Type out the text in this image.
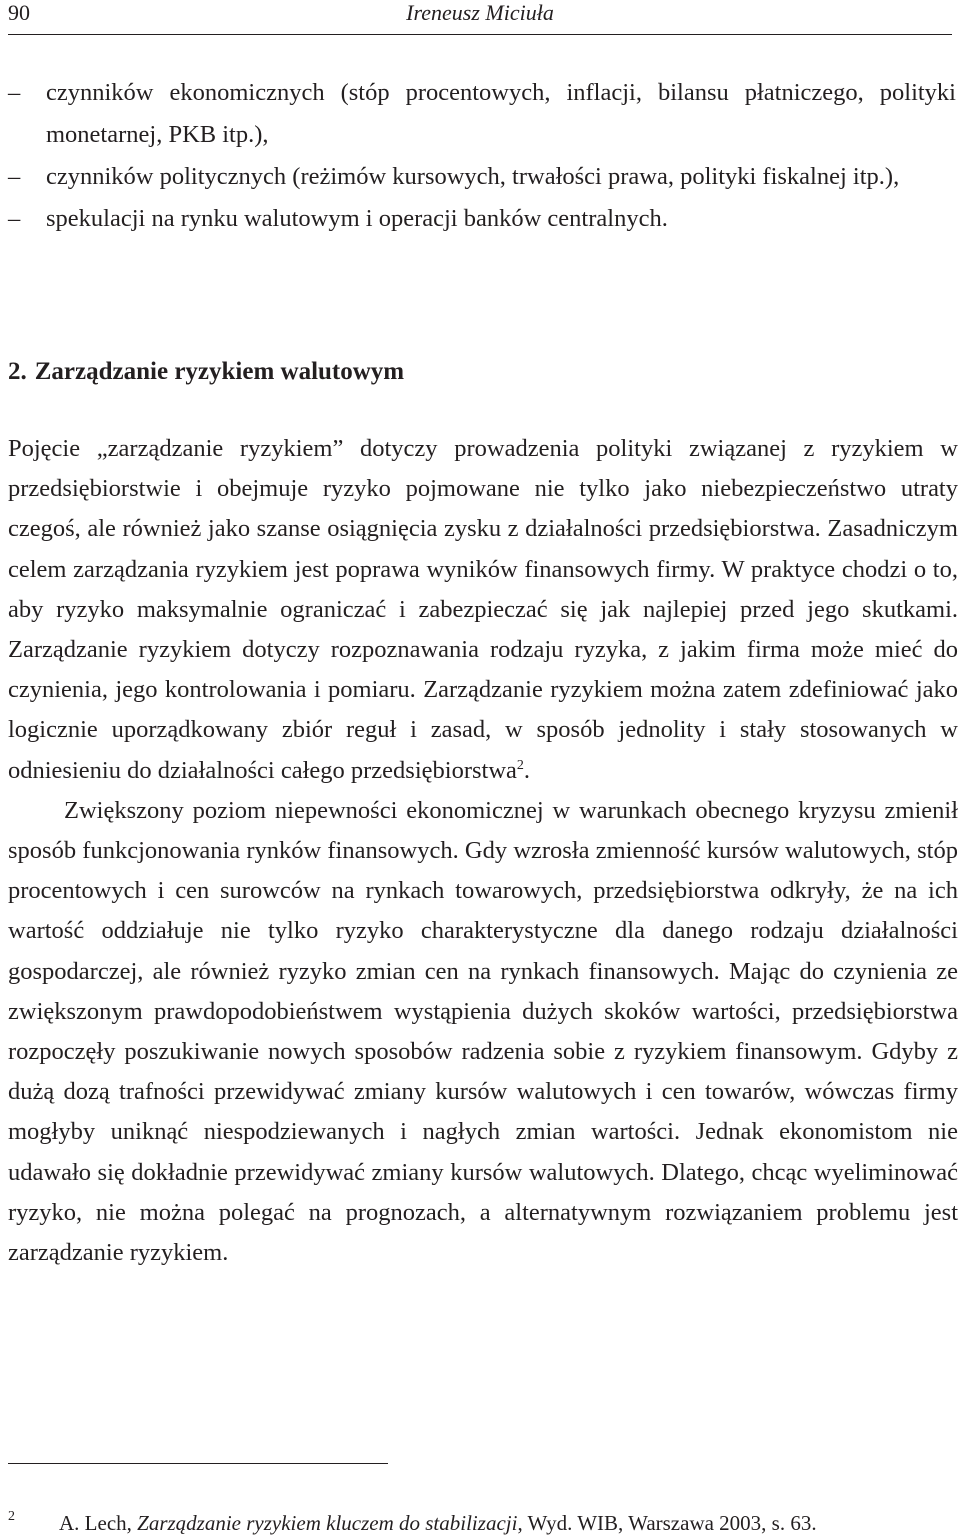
90	Ireneusz Miciuła
– czynników ekonomicznych (stóp procentowych, inflacji, bilansu płatniczego, polityki monetarnej, PKB itp.),
– czynników politycznych (reżimów kursowych, trwałości prawa, polityki fiskalnej itp.),
– spekulacji na rynku walutowym i operacji banków centralnych.
2. Zarządzanie ryzykiem walutowym

Pojęcie „zarządzanie ryzykiem” dotyczy prowadzenia polityki związanej z ryzykiem w przedsiębiorstwie i obejmuje ryzyko pojmowane nie tylko jako niebezpieczeństwo utraty czegoś, ale również jako szanse osiągnięcia zysku z działalności przedsiębiorstwa. Zasadniczym celem zarządzania ryzykiem jest poprawa wyników finansowych firmy. W praktyce chodzi o to, aby ryzyko maksymalnie ograniczać i zabezpieczać się jak najlepiej przed jego skutkami. Zarządzanie ryzykiem dotyczy rozpoznawania rodzaju ryzyka, z jakim firma może mieć do czynienia, jego kontrolowania i pomiaru. Zarządzanie ryzykiem można zatem zdefiniować jako logicznie uporządkowany zbiór reguł i zasad, w sposób jednolity i stały stosowanych w odniesieniu do działalności całego przedsiębiorstwa$^2$.

Zwiększony poziom niepewności ekonomicznej w warunkach obecnego kryzysu zmienił sposób funkcjonowania rynków finansowych. Gdy wzrosła zmienność kursów walutowych, stóp procentowych i cen surowców na rynkach towarowych, przedsiębiorstwa odkryły, że na ich wartość oddziałuje nie tylko ryzyko charakterystyczne dla danego rodzaju działalności gospodarczej, ale również ryzyko zmian cen na rynkach finansowych. Mając do czynienia ze zwiększonym prawdopodobieństwem wystąpienia dużych skoków wartości, przedsiębiorstwa rozpoczęły poszukiwanie nowych sposobów radzenia sobie z ryzykiem finansowym. Gdyby z dużą dozą trafności przewidywać zmiany kursów walutowych i cen towarów, wówczas firmy mogłyby uniknąć niespodziewanych i nagłych zmian wartości. Jednak ekonomistom nie udawało się dokładnie przewidywać zmiany kursów walutowych. Dlatego, chcąc wyeliminować ryzyko, nie można polegać na prognozach, a alternatywnym rozwiązaniem problemu jest zarządzanie ryzykiem.

$^2$ A. Lech, Zarządzanie ryzykiem kluczem do stabilizacji, Wyd. WIB, Warszawa 2003, s. 63.
